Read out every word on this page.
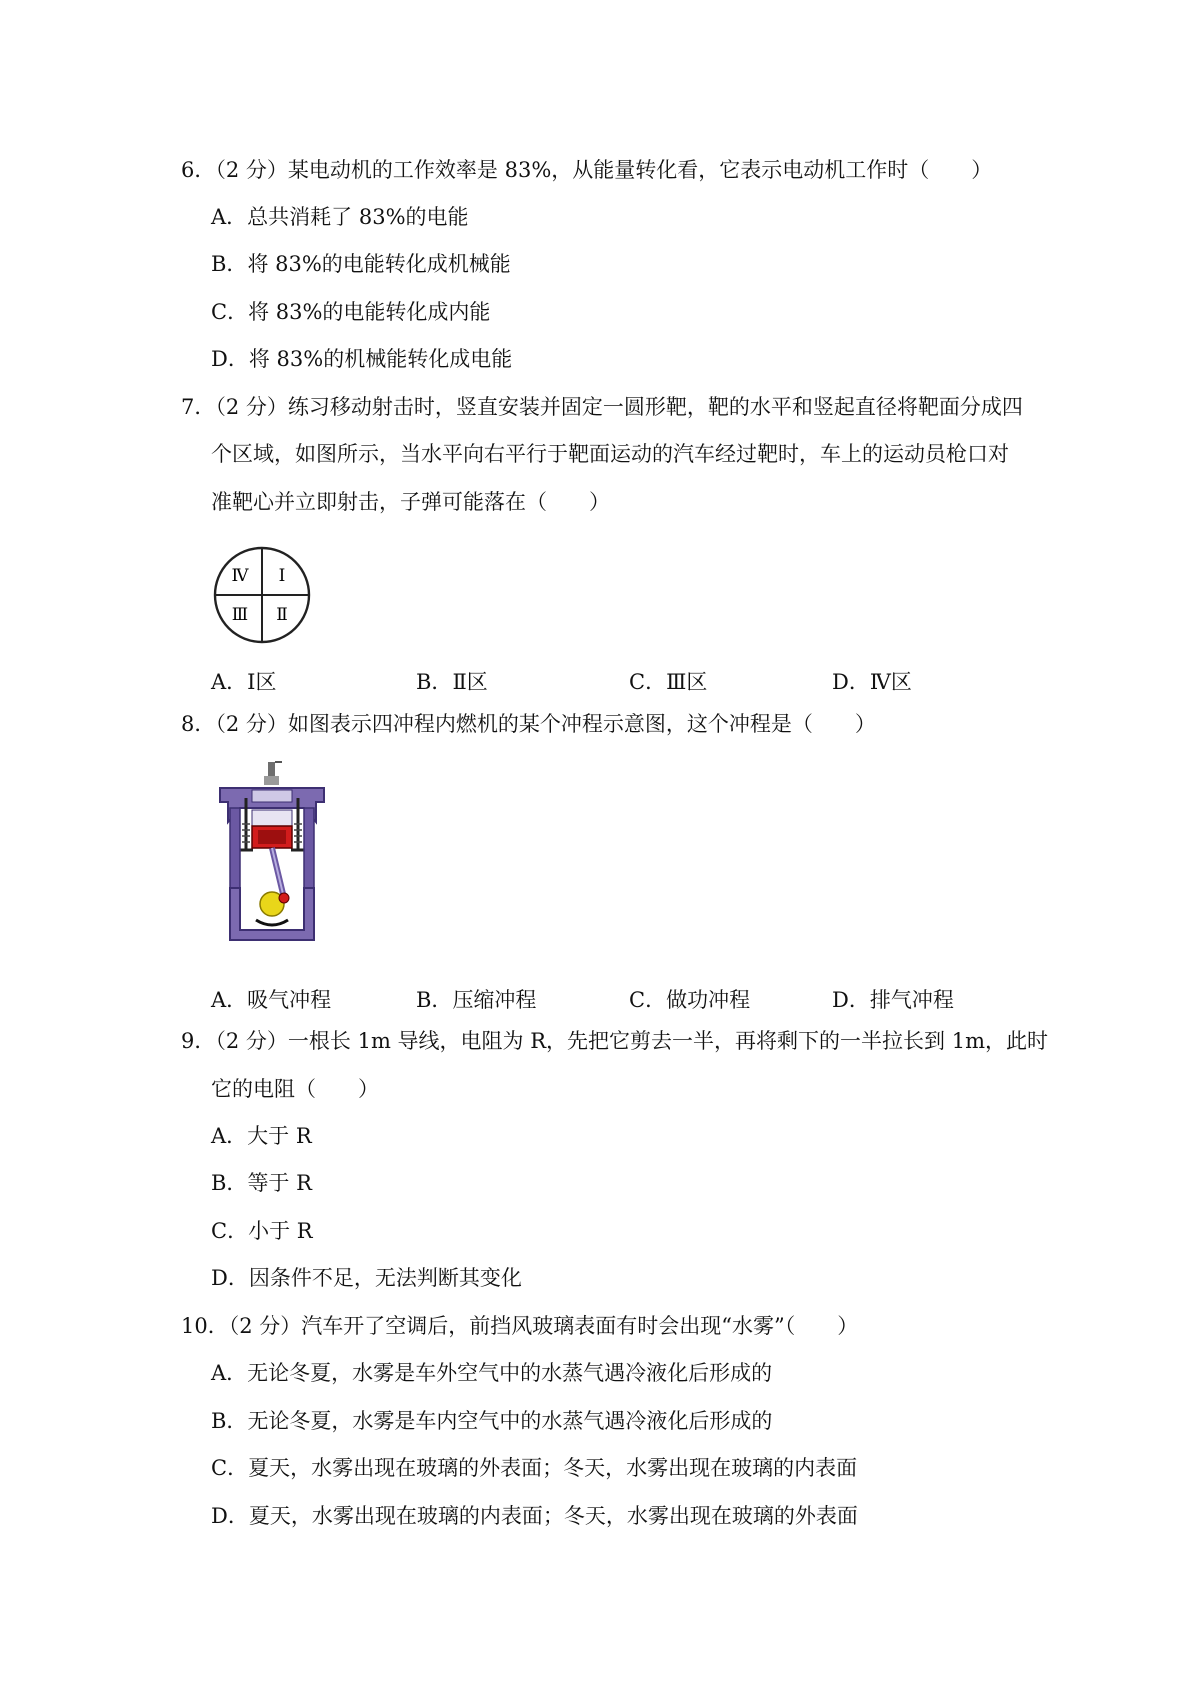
6．（2 分）某电动机的工作效率是 83%，从能量转化看，它表示电动机工作时（　　）
A．总共消耗了 83%的电能
B．将 83%的电能转化成机械能
C．将 83%的电能转化成内能
D．将 83%的机械能转化成电能
7．（2 分）练习移动射击时，竖直安装并固定一圆形靶，靶的水平和竖起直径将靶面分成四
个区域，如图所示，当水平向右平行于靶面运动的汽车经过靶时，车上的运动员枪口对
准靶心并立即射击，子弹可能落在（　　）
Ⅳ Ⅰ
Ⅲ Ⅱ
A．Ⅰ区	B．Ⅱ区	C．Ⅲ区	D．Ⅳ区
8．（2 分）如图表示四冲程内燃机的某个冲程示意图，这个冲程是（　　）
A．吸气冲程	B．压缩冲程	C．做功冲程	D．排气冲程
9．（2 分）一根长 1m 导线，电阻为 R，先把它剪去一半，再将剩下的一半拉长到 1m，此时
它的电阻（　　）
A．大于 R
B．等于 R
C．小于 R
D．因条件不足，无法判断其变化
10．（2 分）汽车开了空调后，前挡风玻璃表面有时会出现“水雾”（　　）
A．无论冬夏，水雾是车外空气中的水蒸气遇冷液化后形成的
B．无论冬夏，水雾是车内空气中的水蒸气遇冷液化后形成的
C．夏天，水雾出现在玻璃的外表面；冬天，水雾出现在玻璃的内表面
D．夏天，水雾出现在玻璃的内表面；冬天，水雾出现在玻璃的外表面
